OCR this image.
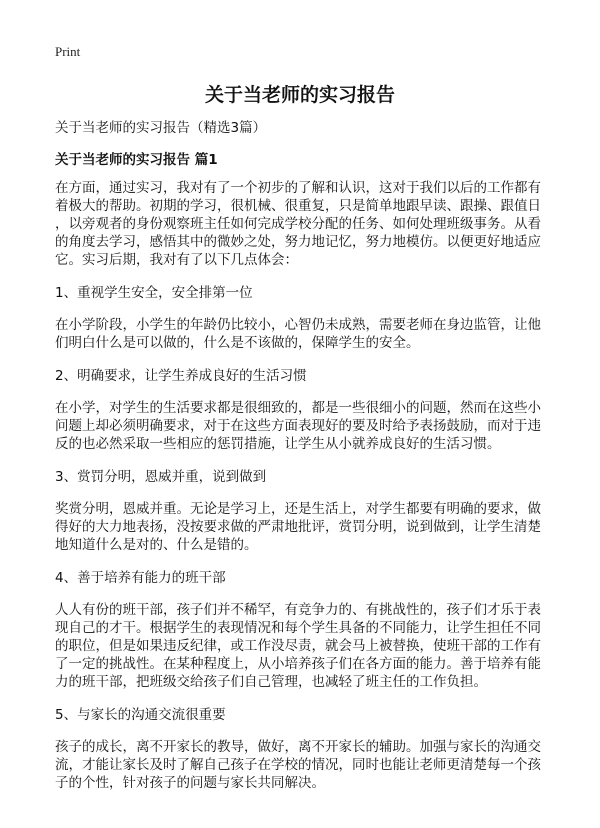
Print
关于当老师的实习报告
关于当老师的实习报告（精选3篇）
关于当老师的实习报告 篇1
在方面，通过实习，我对有了一个初步的了解和认识，这对于我们以后的工作都有
着极大的帮助。初期的学习，很机械、很重复，只是简单地跟早读、跟操、跟值日
，以旁观者的身份观察班主任如何完成学校分配的任务、如何处理班级事务。从看
的角度去学习，感悟其中的微妙之处，努力地记忆，努力地模仿。以便更好地适应
它。实习后期，我对有了以下几点体会：
1、重视学生安全，安全排第一位
在小学阶段，小学生的年龄仍比较小，心智仍未成熟，需要老师在身边监管，让他
们明白什么是可以做的，什么是不该做的，保障学生的安全。
2、明确要求，让学生养成良好的生活习惯
在小学，对学生的生活要求都是很细致的，都是一些很细小的问题，然而在这些小
问题上却必须明确要求，对于在这些方面表现好的要及时给予表扬鼓励，而对于违
反的也必然采取一些相应的惩罚措施，让学生从小就养成良好的生活习惯。
3、赏罚分明，恩威并重，说到做到
奖赏分明，恩威并重。无论是学习上，还是生活上，对学生都要有明确的要求，做
得好的大力地表扬，没按要求做的严肃地批评，赏罚分明，说到做到，让学生清楚
地知道什么是对的、什么是错的。
4、善于培养有能力的班干部
人人有份的班干部，孩子们并不稀罕，有竞争力的、有挑战性的，孩子们才乐于表
现自己的才干。根据学生的表现情况和每个学生具备的不同能力，让学生担任不同
的职位，但是如果违反纪律，或工作没尽责，就会马上被替换，使班干部的工作有
了一定的挑战性。在某种程度上，从小培养孩子们在各方面的能力。善于培养有能
力的班干部，把班级交给孩子们自己管理，也减轻了班主任的工作负担。
5、与家长的沟通交流很重要
孩子的成长，离不开家长的教导，做好，离不开家长的辅助。加强与家长的沟通交
流，才能让家长及时了解自己孩子在学校的情况，同时也能让老师更清楚每一个孩
子的个性，针对孩子的问题与家长共同解决。
